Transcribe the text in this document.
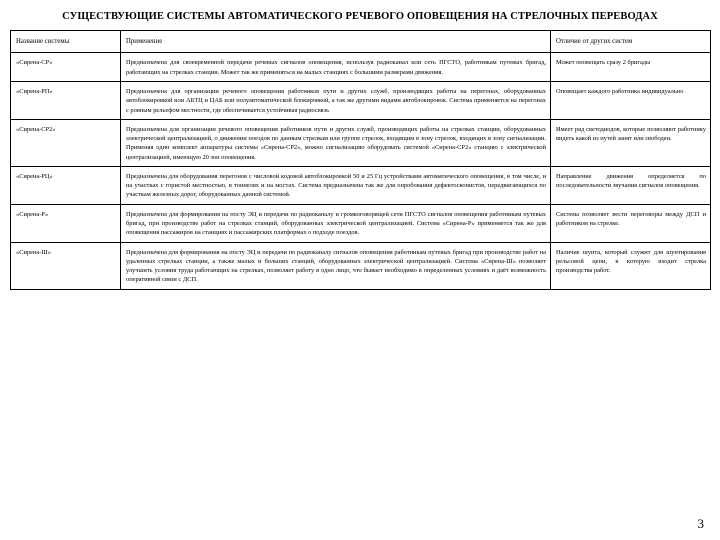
СУЩЕСТВУЮЩИЕ СИСТЕМЫ АВТОМАТИЧЕСКОГО РЕЧЕВОГО ОПОВЕЩЕНИЯ НА СТРЕЛОЧНЫХ ПЕРЕВОДАХ
Название системы	Применение	Отличие от других систем
«Сирена-СР»	Предназначена для своевременной передачи речевых сигналов оповещения, используя радиоканал или сеть ПГСТО, работникам путевых бригад, работающих на стрелках станции. Может так же применяться на малых станциях с большими размерами движения.	Может оповещать сразу 2 бригады
«Сирена-РП»	Предназначена для организации речевого оповещения работников пути и других служб, производящих работы на перегонах, оборудованных автоблокировкой или АБТЦ и ЦАБ или полуавтоматической блокировкой, а так же другими видами автоблокировок. Система применяется на перегонах с ровным рельефом местности, где обеспечивается устойчивая радиосвязь	Оповещает каждого работника индивидуально
«Сирена-СР2»	Предназначена для организации речевого оповещения работников пути и других служб, производящих работы на стрелках станции, оборудованных электрической централизацией, о движении поездов по данным стрелкам или группе стрелок, входящим в зону стрелок, входящих в зону сигнализации. Применяя один комплект аппаратуры системы «Сирена-СР2», можно сигнализацию оборудовать системой «Сирена-СР2» станцию с электрической централизацией, имеющую 20 зон оповещения.	Имеет ряд светодиодов, которые позволяют работнику видеть какой из путей занят или свободен.
«Сирена-РЦ»	Предназначена для оборудования перегонов с числовой кодовой автоблокировкой 50 и 25 Гц устройствами автоматического оповещения, в том числе, и на участках с гористой местностью, в тоннелях и на мостах. Система предназначена так же для опробования дефектоскопистов, передвигающихся по участкам железных дорог, оборудованных данной системой.	Направление движения определяется по последовательности звучания сигналов оповещения.
«Сирена-Р»	Предназначена для формирования на посту ЭЦ и передачи по радиоканалу и громкоговорящей сети ПГСТО сигналов оповещения работникам путевых бригад, при производстве работ на стрелках станций, оборудованных электрической централизацией. Система «Сирена-Р» применяется так же для оповещения пассажиров на станциях и пассажирских платформах о подходе поездов.	Система позволяет вести переговоры между ДСП и работником на стрелке.
«Сирена-Ш»	Предназначена для формирования на посту ЭЦ и передачи по радиоканалу сигналов оповещения работникам путевых бригад при производстве работ на удаленных стрелках станции, а также малых и больших станций, оборудованных электрической централизацией. Система «Сирена-Ш» позволяет улучшить условия труда работающих на стрелках, позволяет работу в одно лицо, что бывает необходимо в определенных условиях и даёт возможность оперативной связи с ДСП.	Наличие шунта, который служит для шунтирования рельсовой цепи, в которую входит стрелка производства работ.
3
